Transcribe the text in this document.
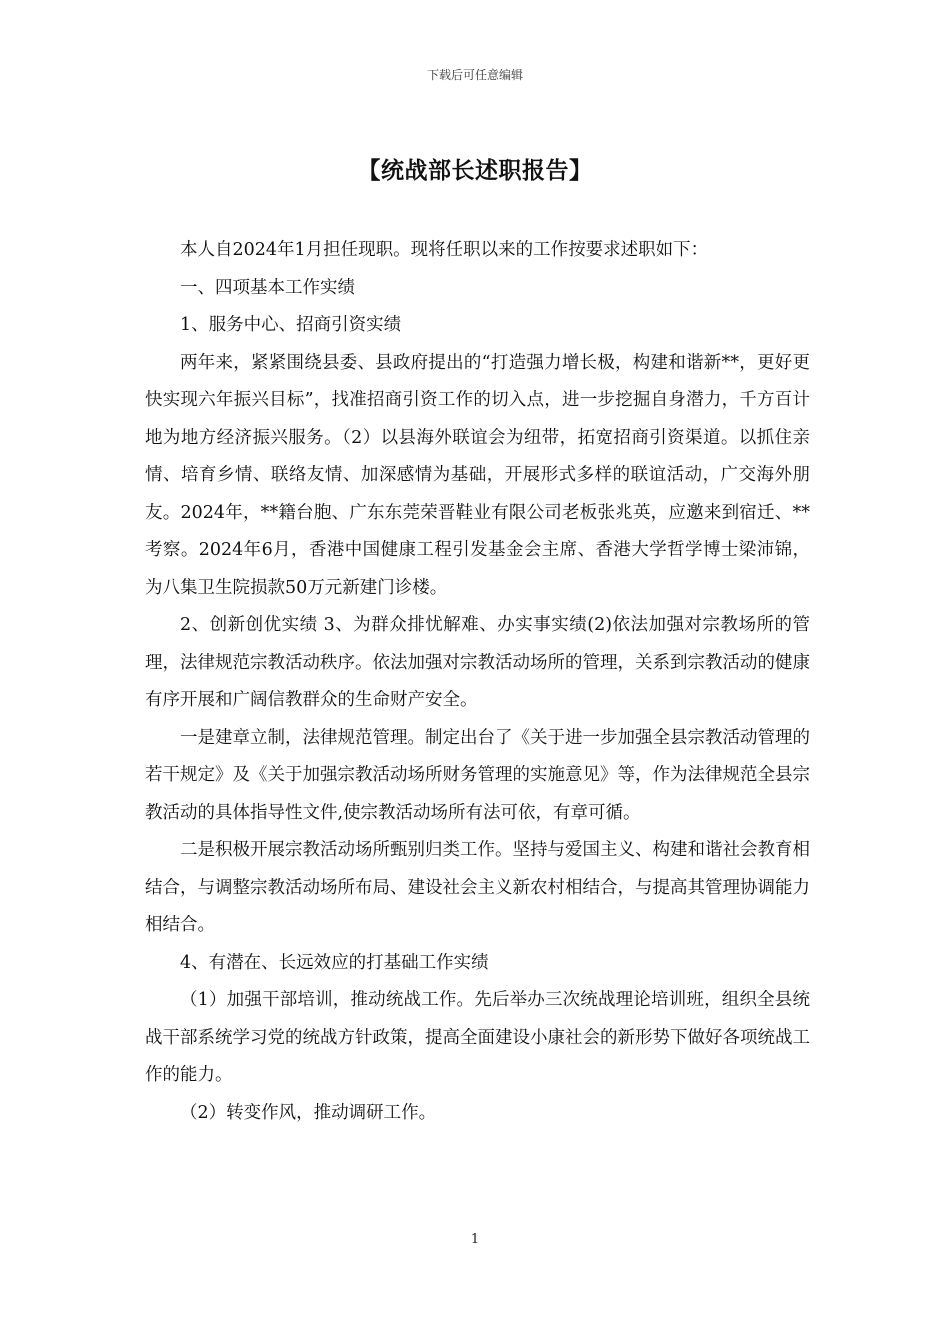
下载后可任意编辑
【统战部长述职报告】

本人自2024年1月担任现职。现将任职以来的工作按要求述职如下：

一、四项基本工作实绩

1、服务中心、招商引资实绩

两年来，紧紧围绕县委、县政府提出的“打造强力增长极，构建和谐新**，更好更快实现六年振兴目标”，找准招商引资工作的切入点，进一步挖掘自身潜力，千方百计地为地方经济振兴服务。（2）以县海外联谊会为纽带，拓宽招商引资渠道。以抓住亲情、培育乡情、联络友情、加深感情为基础，开展形式多样的联谊活动，广交海外朋友。2024年，**籍台胞、广东东莞荣晋鞋业有限公司老板张兆英，应邀来到宿迁、**考察。2024年6月，香港中国健康工程引发基金会主席、香港大学哲学博士梁沛锦，为八集卫生院损款50万元新建门诊楼。

2、创新创优实绩 3、为群众排忧解难、办实事实绩(2)依法加强对宗教场所的管理，法律规范宗教活动秩序。依法加强对宗教活动场所的管理，关系到宗教活动的健康有序开展和广阔信教群众的生命财产安全。

一是建章立制，法律规范管理。制定出台了《关于进一步加强全县宗教活动管理的若干规定》及《关于加强宗教活动场所财务管理的实施意见》等，作为法律规范全县宗教活动的具体指导性文件,使宗教活动场所有法可依，有章可循。

二是积极开展宗教活动场所甄别归类工作。坚持与爱国主义、构建和谐社会教育相结合，与调整宗教活动场所布局、建设社会主义新农村相结合，与提高其管理协调能力相结合。

4、有潜在、长远效应的打基础工作实绩

（1）加强干部培训，推动统战工作。先后举办三次统战理论培训班，组织全县统战干部系统学习党的统战方针政策，提高全面建设小康社会的新形势下做好各项统战工作的能力。

（2）转变作风，推动调研工作。

1
